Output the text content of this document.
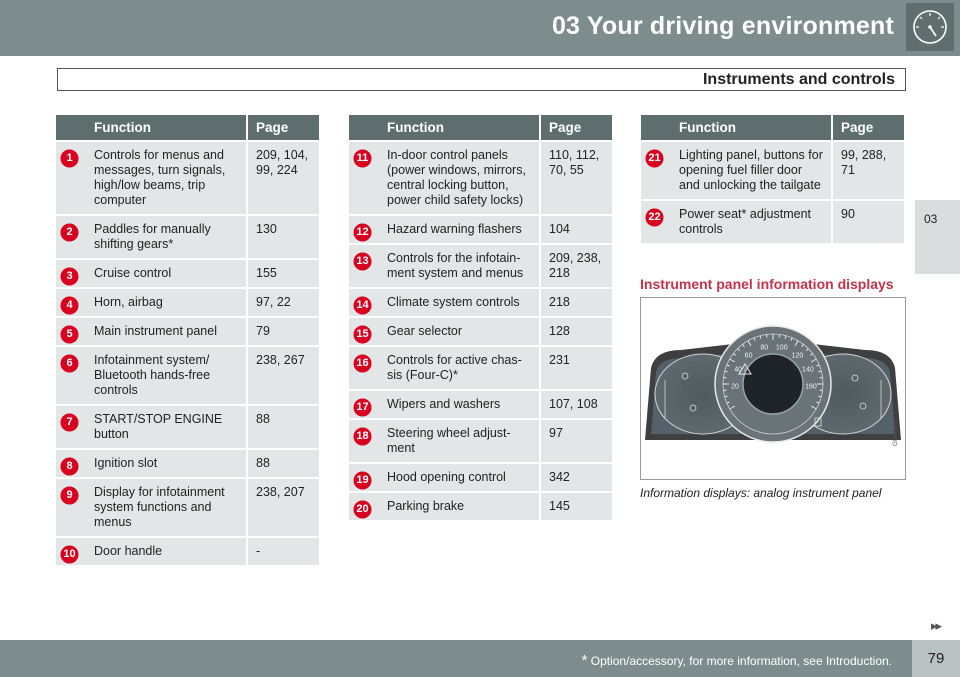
03 Your driving environment
Instruments and controls
03
	Function	Page

1	Controls for menus and messages, turn signals, high/low beams, trip computer	209, 104, 99, 224

2	Paddles for manually shifting gears*	130

3	Cruise control	155

4	Horn, airbag	97, 22

5	Main instrument panel	79

6	Infotainment system/ Bluetooth hands-free controls	238, 267

7	START/STOP ENGINE button	88

8	Ignition slot	88

9	Display for infotainment system functions and menus	238, 207

10	Door handle	-
	Function	Page

11	In-door control panels (power windows, mirrors, central locking button, power child safety locks)	110, 112, 70, 55

12	Hazard warning flashers	104

13	Controls for the infotain-ment system and menus	209, 238, 218

14	Climate system controls	218

15	Gear selector	128

16	Controls for active chas-sis (Four-C)*	231

17	Wipers and washers	107, 108

18	Steering wheel adjust-ment	97

19	Hood opening control	342

20	Parking brake	145
	Function	Page

21	Lighting panel, buttons for opening fuel filler door and unlocking the tailgate	99, 288, 71

22	Power seat* adjustment controls	90
Instrument panel information displays
20
40
60
80 100
120
140
160
!
G047979
Information displays: analog instrument panel
▸▸
* Option/accessory, for more information, see Introduction.	79
